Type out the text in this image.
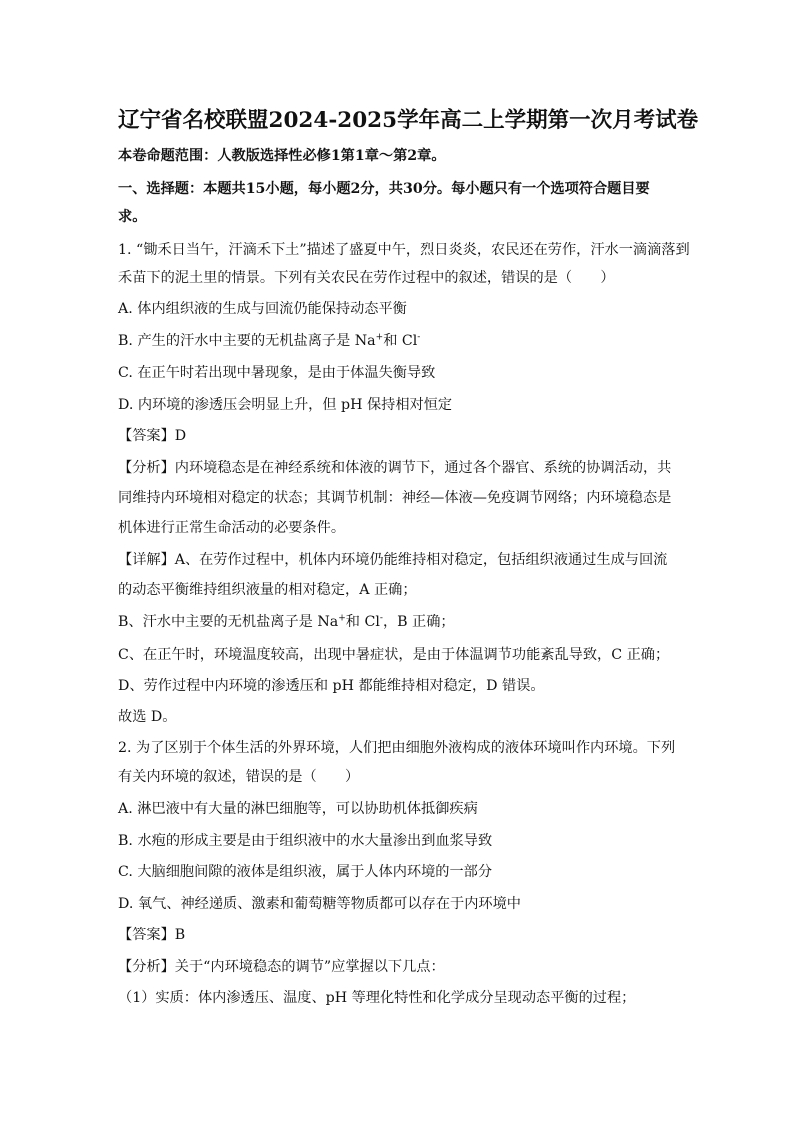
辽宁省名校联盟2024-2025学年高二上学期第一次月考试卷
本卷命题范围：人教版选择性必修1第1章～第2章。
一、选择题：本题共15小题，每小题2分，共30分。每小题只有一个选项符合题目要
求。
1. “锄禾日当午，汗滴禾下土”描述了盛夏中午，烈日炎炎，农民还在劳作，汗水一滴滴落到
禾苗下的泥土里的情景。下列有关农民在劳作过程中的叙述，错误的是（　　）
A. 体内组织液的生成与回流仍能保持动态平衡
B. 产生的汗水中主要的无机盐离子是 Na+和 Cl-
C. 在正午时若出现中暑现象，是由于体温失衡导致
D. 内环境的渗透压会明显上升，但 pH 保持相对恒定
【答案】D
【分析】内环境稳态是在神经系统和体液的调节下，通过各个器官、系统的协调活动，共
同维持内环境相对稳定的状态；其调节机制：神经—体液—免疫调节网络；内环境稳态是
机体进行正常生命活动的必要条件。
【详解】A、在劳作过程中，机体内环境仍能维持相对稳定，包括组织液通过生成与回流
的动态平衡维持组织液量的相对稳定，A 正确；
B、汗水中主要的无机盐离子是 Na+和 Cl-，B 正确；
C、在正午时，环境温度较高，出现中暑症状，是由于体温调节功能紊乱导致，C 正确；
D、劳作过程中内环境的渗透压和 pH 都能维持相对稳定，D 错误。
故选 D。
2. 为了区别于个体生活的外界环境，人们把由细胞外液构成的液体环境叫作内环境。下列
有关内环境的叙述，错误的是（　　）
A. 淋巴液中有大量的淋巴细胞等，可以协助机体抵御疾病
B. 水疱的形成主要是由于组织液中的水大量渗出到血浆导致
C. 大脑细胞间隙的液体是组织液，属于人体内环境的一部分
D. 氧气、神经递质、激素和葡萄糖等物质都可以存在于内环境中
【答案】B
【分析】关于“内环境稳态的调节”应掌握以下几点：
（1）实质：体内渗透压、温度、pH 等理化特性和化学成分呈现动态平衡的过程；
